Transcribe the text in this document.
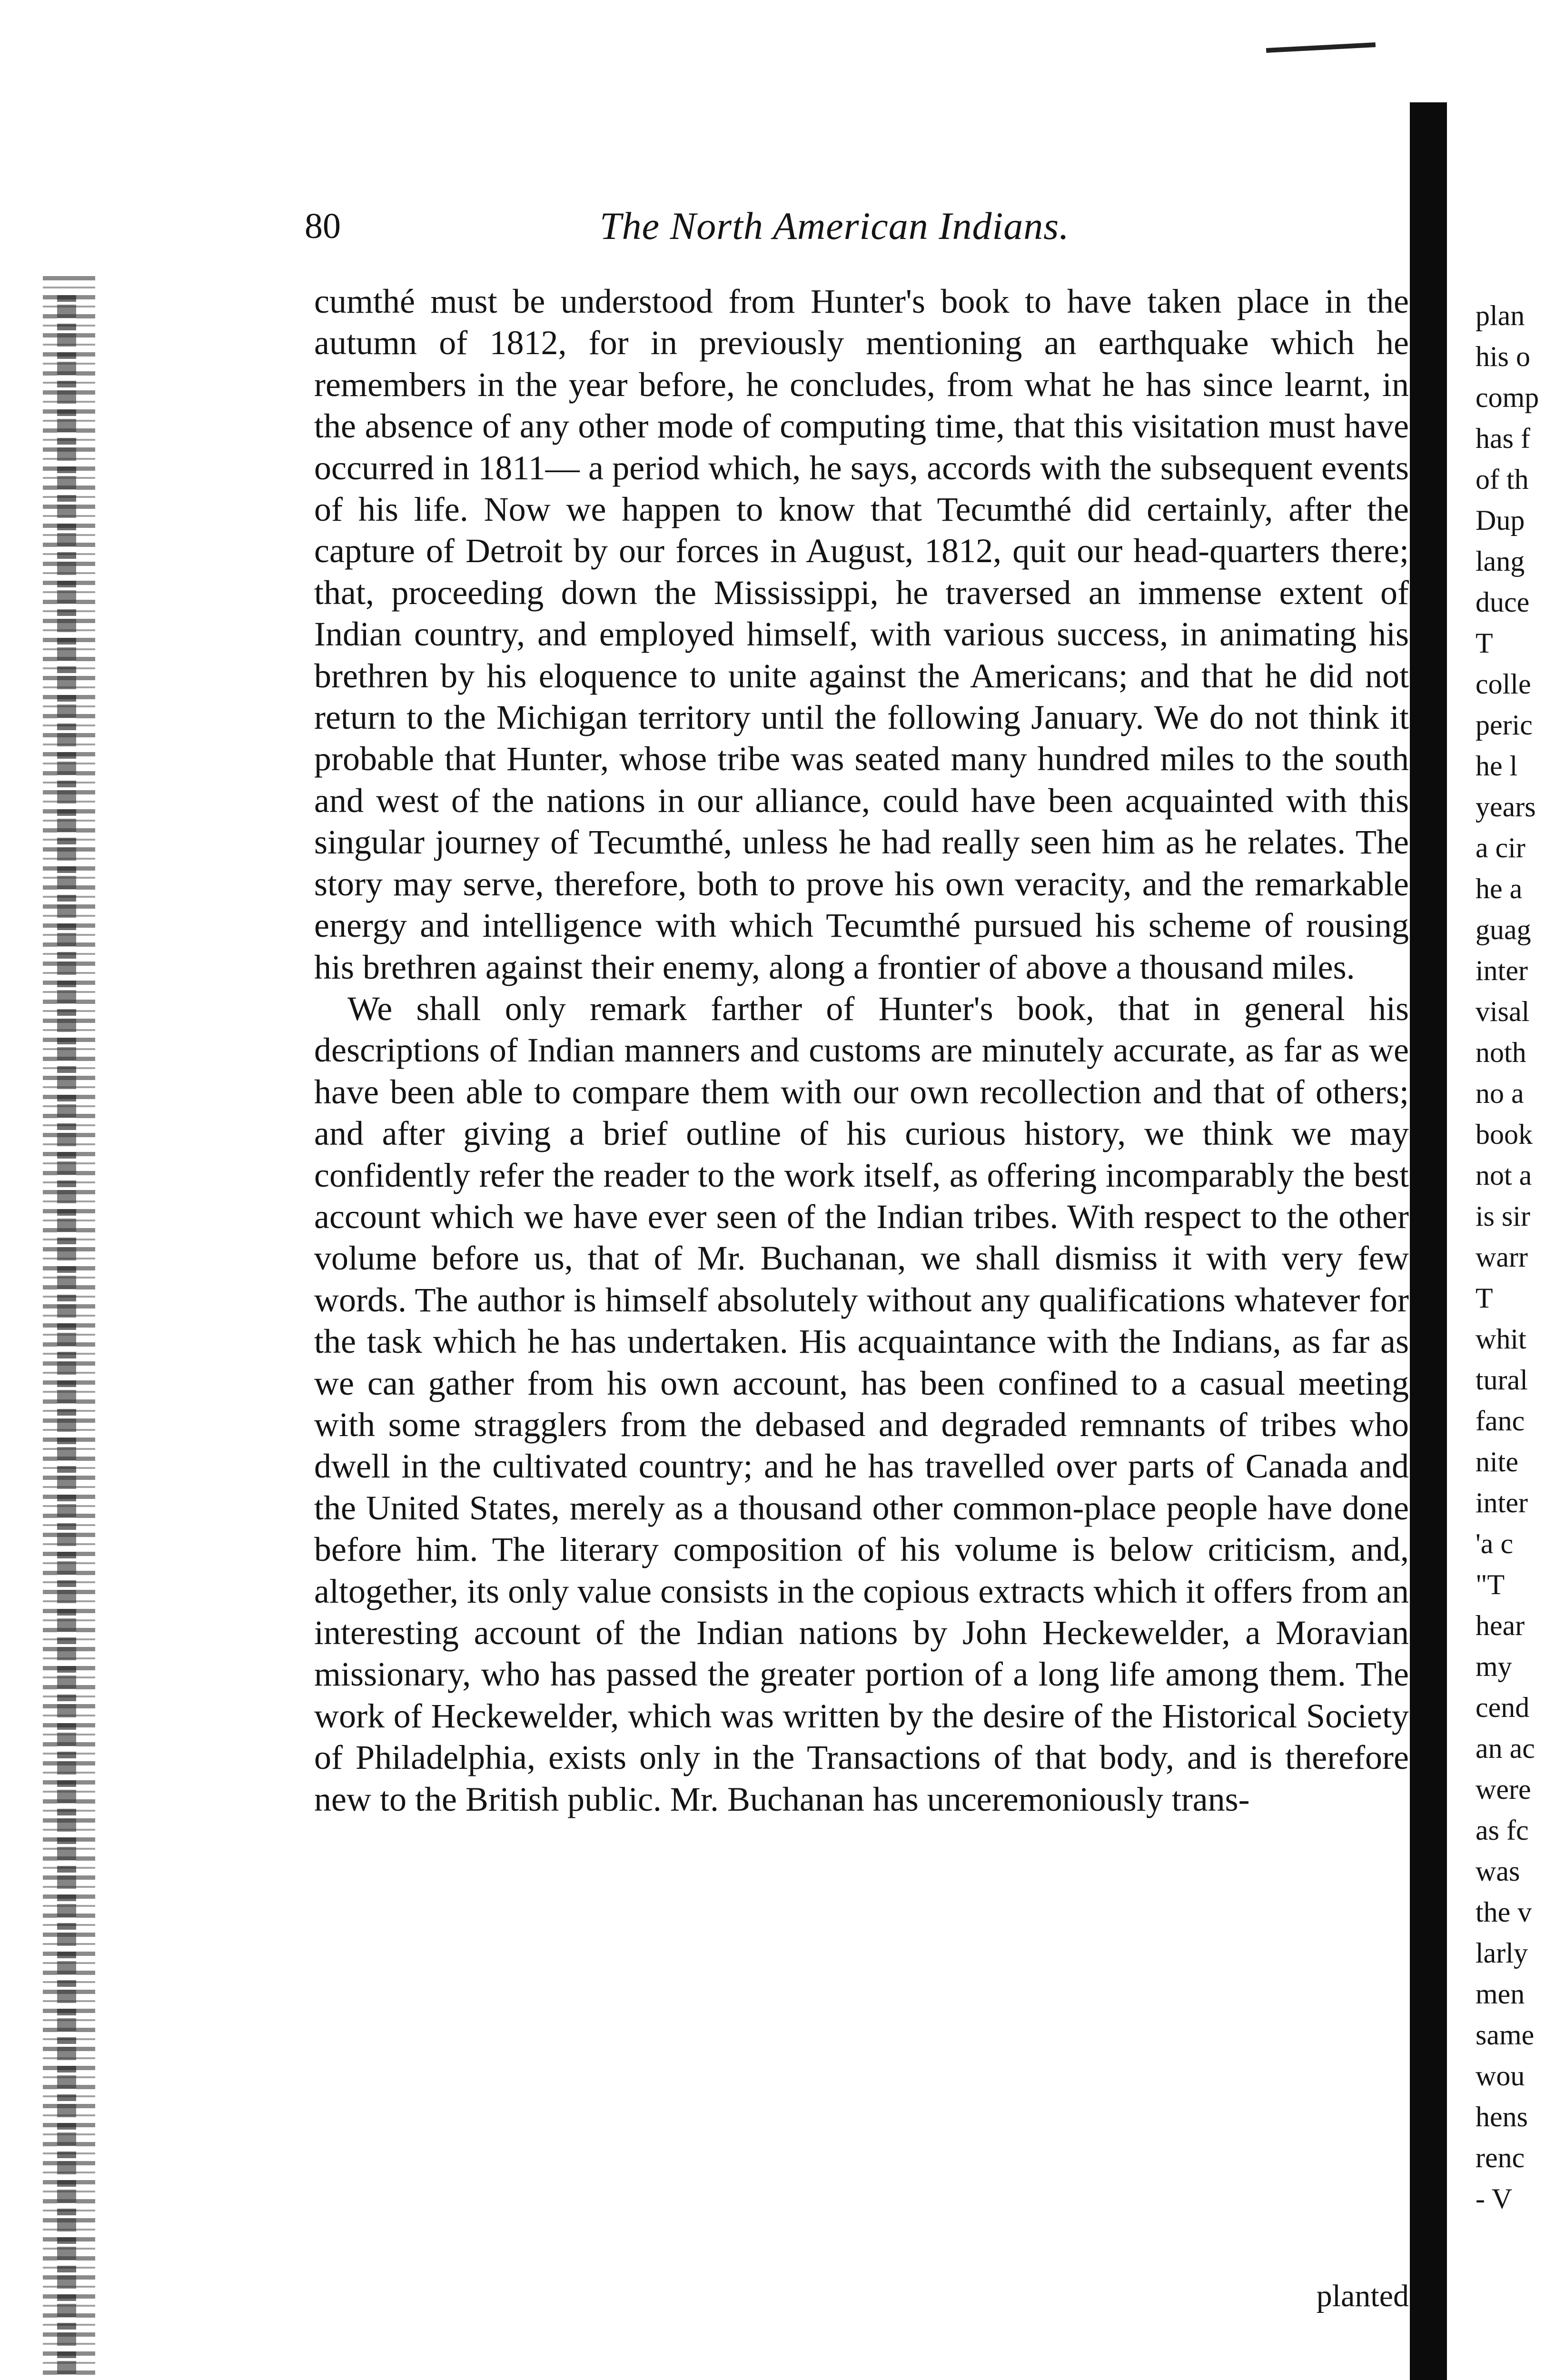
80	The North American Indians.

cumthé must be understood from Hunter's book to have taken place in the autumn of 1812, for in previously mentioning an earthquake which he remembers in the year before, he concludes, from what he has since learnt, in the absence of any other mode of computing time, that this visitation must have occurred in 1811— a period which, he says, accords with the subsequent events of his life. Now we happen to know that Tecumthé did certainly, after the capture of Detroit by our forces in August, 1812, quit our head-quarters there; that, proceeding down the Mississippi, he traversed an immense extent of Indian country, and employed himself, with various success, in animating his brethren by his eloquence to unite against the Americans; and that he did not return to the Michigan territory until the following January. We do not think it probable that Hunter, whose tribe was seated many hundred miles to the south and west of the nations in our alliance, could have been acquainted with this singular journey of Tecumthé, unless he had really seen him as he relates. The story may serve, therefore, both to prove his own veracity, and the remarkable energy and intelligence with which Tecumthé pursued his scheme of rousing his brethren against their enemy, along a frontier of above a thousand miles.

We shall only remark farther of Hunter's book, that in general his descriptions of Indian manners and customs are minutely accurate, as far as we have been able to compare them with our own recollection and that of others; and after giving a brief outline of his curious history, we think we may confidently refer the reader to the work itself, as offering incomparably the best account which we have ever seen of the Indian tribes. With respect to the other volume before us, that of Mr. Buchanan, we shall dismiss it with very few words. The author is himself absolutely without any qualifications whatever for the task which he has undertaken. His acquaintance with the Indians, as far as we can gather from his own account, has been confined to a casual meeting with some stragglers from the debased and degraded remnants of tribes who dwell in the cultivated country; and he has travelled over parts of Canada and the United States, merely as a thousand other common-place people have done before him. The literary composition of his volume is below criticism, and, altogether, its only value consists in the copious extracts which it offers from an interesting account of the Indian nations by John Heckewelder, a Moravian missionary, who has passed the greater portion of a long life among them. The work of Heckewelder, which was written by the desire of the Historical Society of Philadelphia, exists only in the Transactions of that body, and is therefore new to the British public. Mr. Buchanan has unceremoniously trans-

planted
plan
his o
comp
has f
of th
Dup
lang
duce
T
colle
peric
he l
years
a cir
he a
guag
inter
visal
noth
no a
book
not a
is sir
warr
T
whit
tural
fanc
nite
inter
'a c
"T
hear
my
cend
an ac
were
as fc
was
the v
larly
men
same
wou
hens
renc
- V
